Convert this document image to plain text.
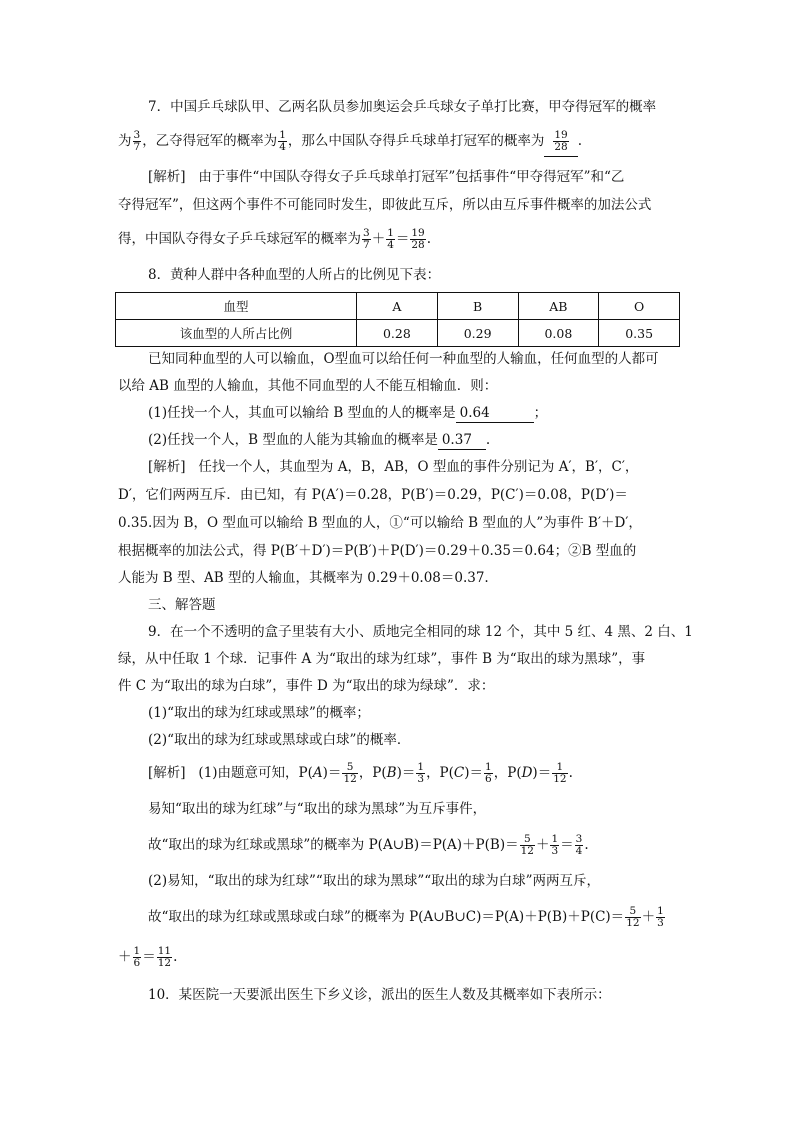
7．中国乒乓球队甲、乙两名队员参加奥运会乒乓球女子单打比赛，甲夺得冠军的概率
为 $\frac{3}{7}$ ，乙夺得冠军的概率为 $\frac{1}{4}$ ，那么中国队夺得乒乓球单打冠军的概率为 $\frac{19}{28}$ .
[解析] 由于事件“中国队夺得女子乒乓球单打冠军”包括事件“甲夺得冠军”和“乙
夺得冠军”，但这两个事件不可能同时发生，即彼此互斥，所以由互斥事件概率的加法公式
得，中国队夺得女子乒乓球冠军的概率为 $\frac{3}{7} + \frac{1}{4} = \frac{19}{28}$ .
8．黄种人群中各种血型的人所占的比例见下表：
血型	A	B	AB	O
该血型的人所占比例	0.28	0.29	0.08	0.35
已知同种血型的人可以输血，O型血可以给任何一种血型的人输血，任何血型的人都可
以给 AB 血型的人输血，其他不同血型的人不能互相输血．则：
(1)任找一个人，其血可以输给 B 型血的人的概率是 0.64	；
(2)任找一个人，B 型血的人能为其输血的概率是 0.37 .
[解析] 任找一个人，其血型为 A，B，AB，O 型血的事件分别记为 A′，B′，C′，
D′，它们两两互斥．由已知，有 P(A′)＝0.28，P(B′)＝0.29，P(C′)＝0.08，P(D′)＝
0.35.因为 B，O 型血可以输给 B 型血的人，①“可以输给 B 型血的人”为事件 B′＋D′，
根据概率的加法公式，得 P(B′＋D′)＝P(B′)＋P(D′)＝0.29＋0.35＝0.64；②B 型血的
人能为 B 型、AB 型的人输血，其概率为 0.29＋0.08＝0.37.
三、解答题
9．在一个不透明的盒子里装有大小、质地完全相同的球 12 个，其中 5 红、4 黑、2 白、1
绿，从中任取 1 个球．记事件 A 为“取出的球为红球”，事件 B 为“取出的球为黑球”，事
件 C 为“取出的球为白球”，事件 D 为“取出的球为绿球”．求：
(1)“取出的球为红球或黑球”的概率；
(2)“取出的球为红球或黑球或白球”的概率．
[解析] (1)由题意可知，$P(A)= \frac{5}{12}$ ，$P(B)= \frac{1}{3}$ ，$P(C)= \frac{1}{6}$ ，$P(D)= \frac{1}{12}$ .
易知“取出的球为红球”与“取出的球为黑球”为互斥事件，
故“取出的球为红球或黑球”的概率为 P(A∪B)＝P(A)＋P(B)＝ $\frac{5}{12} + \frac{1}{3} = \frac{3}{4}$ .
(2)易知，“取出的球为红球”“取出的球为黑球”“取出的球为白球”两两互斥，
故“取出的球为红球或黑球或白球”的概率为 P(A∪B∪C)＝P(A)＋P(B)＋P(C)＝ $\frac{5}{12} + \frac{1}{3}$
＋ $\frac{1}{6} = \frac{11}{12}$ .
10．某医院一天要派出医生下乡义诊，派出的医生人数及其概率如下表所示：
